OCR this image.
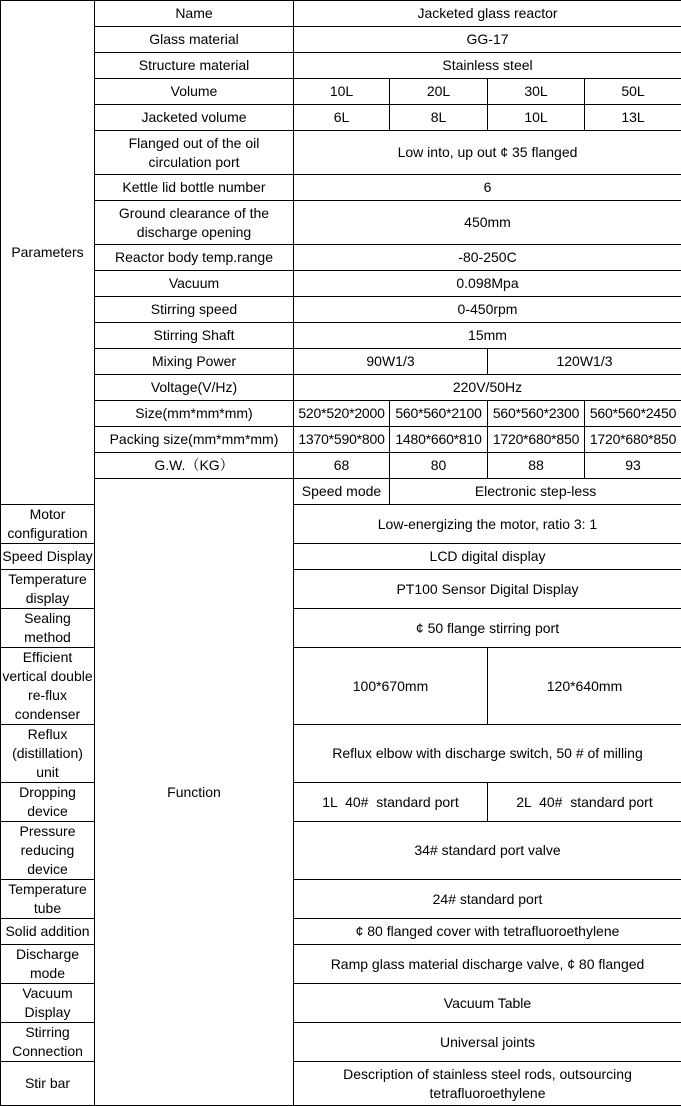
Parameters	Name	Jacketed glass reactor			
	Glass material	GG-17			
	Structure material	Stainless steel			
	Volume	10L	20L	30L	50L
	Jacketed volume	6L	8L	10L	13L
	Flanged out of the oil circulation port	Low into, up out ¢ 35 flanged			
	Kettle lid bottle number	6			
	Ground clearance of the discharge opening	450mm			
	Reactor body temp.range	-80-250C			
	Vacuum	0.098Mpa			
	Stirring speed	0-450rpm			
	Stirring Shaft	15mm			
	Mixing Power	90W1/3		120W1/3	
	Voltage(V/Hz)	220V/50Hz			
	Size(mm*mm*mm)	520*520*2000	560*560*2100	560*560*2300	560*560*2450
	Packing size(mm*mm*mm)	1370*590*800	1480*660*810	1720*680*850	1720*680*850
	G.W.（KG）	68	80	88	93
	Function	Speed mode	Electronic step-less		
Motor configuration		Low-energizing the motor, ratio 3: 1			
Speed Display		LCD digital display			
Temperature display		PT100 Sensor Digital Display			
Sealing method		¢ 50 flange stirring port			
Efficient vertical double re-flux condenser		100*670mm		120*640mm	
Reflux (distillation) unit		Reflux elbow with discharge switch, 50 # of milling			
Dropping device		1L  40#  standard port		2L  40#  standard port	
Pressure reducing device		34# standard port valve			
Temperature tube		24# standard port			
Solid addition		¢ 80 flanged cover with tetrafluoroethylene			
Discharge mode		Ramp glass material discharge valve, ¢ 80 flanged			
Vacuum Display		Vacuum Table			
Stirring Connection		Universal joints			
Stir bar		Description of stainless steel rods, outsourcing tetrafluoroethylene			
